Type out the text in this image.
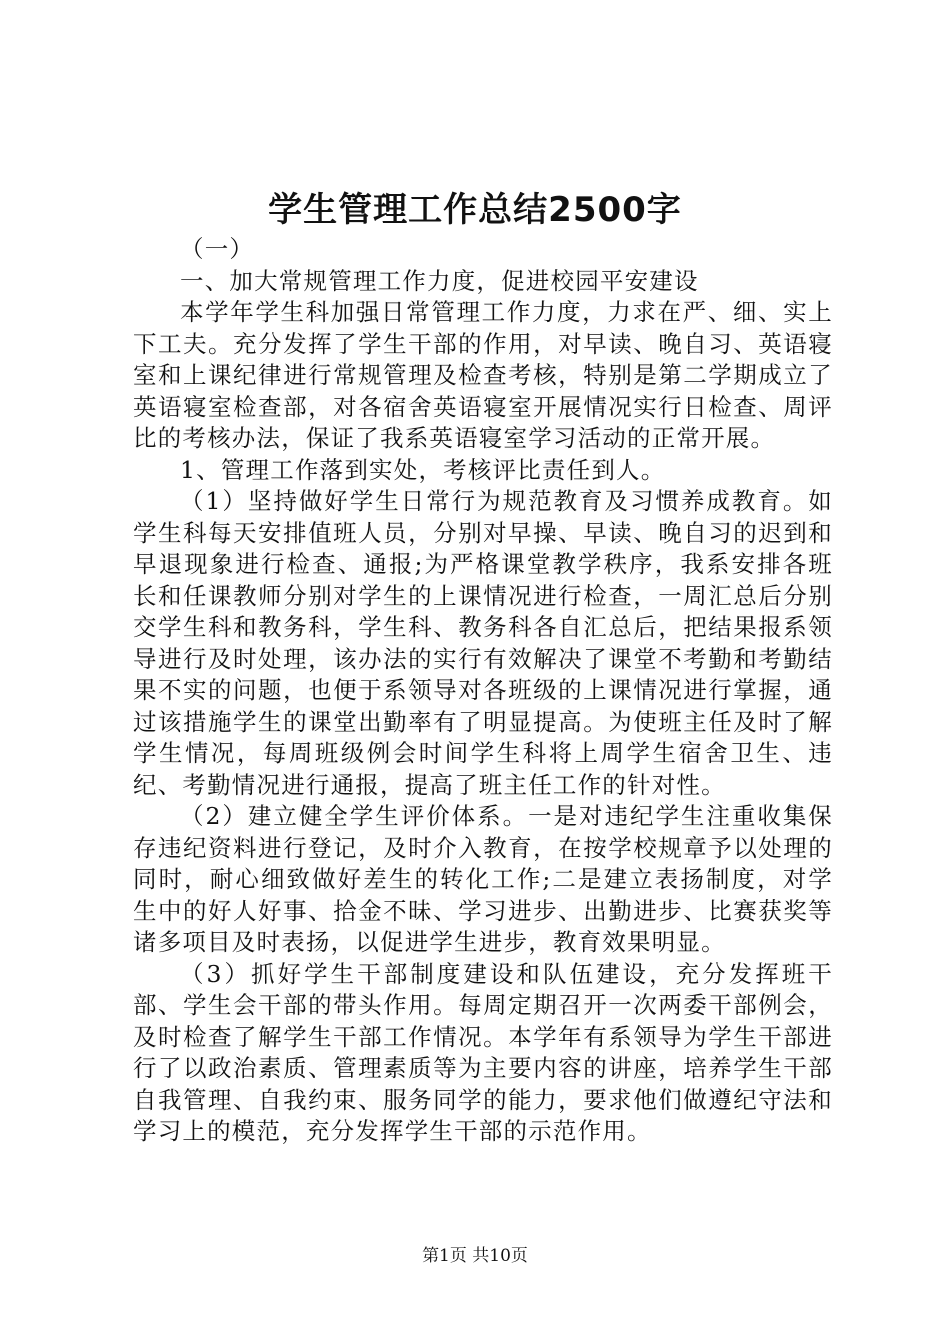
学生管理工作总结2500字

（一）

一、加大常规管理工作力度，促进校园平安建设

本学年学生科加强日常管理工作力度，力求在严、细、实上下工夫。充分发挥了学生干部的作用，对早读、晚自习、英语寝室和上课纪律进行常规管理及检查考核，特别是第二学期成立了英语寝室检查部，对各宿舍英语寝室开展情况实行日检查、周评比的考核办法，保证了我系英语寝室学习活动的正常开展。

1、管理工作落到实处，考核评比责任到人。

（1）坚持做好学生日常行为规范教育及习惯养成教育。如学生科每天安排值班人员，分别对早操、早读、晚自习的迟到和早退现象进行检查、通报;为严格课堂教学秩序，我系安排各班长和任课教师分别对学生的上课情况进行检查，一周汇总后分别交学生科和教务科，学生科、教务科各自汇总后，把结果报系领导进行及时处理，该办法的实行有效解决了课堂不考勤和考勤结果不实的问题，也便于系领导对各班级的上课情况进行掌握，通过该措施学生的课堂出勤率有了明显提高。为使班主任及时了解学生情况，每周班级例会时间学生科将上周学生宿舍卫生、违纪、考勤情况进行通报，提高了班主任工作的针对性。

（2）建立健全学生评价体系。一是对违纪学生注重收集保存违纪资料进行登记，及时介入教育，在按学校规章予以处理的同时，耐心细致做好差生的转化工作;二是建立表扬制度，对学生中的好人好事、拾金不昧、学习进步、出勤进步、比赛获奖等诸多项目及时表扬，以促进学生进步，教育效果明显。

（3）抓好学生干部制度建设和队伍建设，充分发挥班干部、学生会干部的带头作用。每周定期召开一次两委干部例会，及时检查了解学生干部工作情况。本学年有系领导为学生干部进行了以政治素质、管理素质等为主要内容的讲座，培养学生干部自我管理、自我约束、服务同学的能力，要求他们做遵纪守法和学习上的模范，充分发挥学生干部的示范作用。

第1页 共10页
